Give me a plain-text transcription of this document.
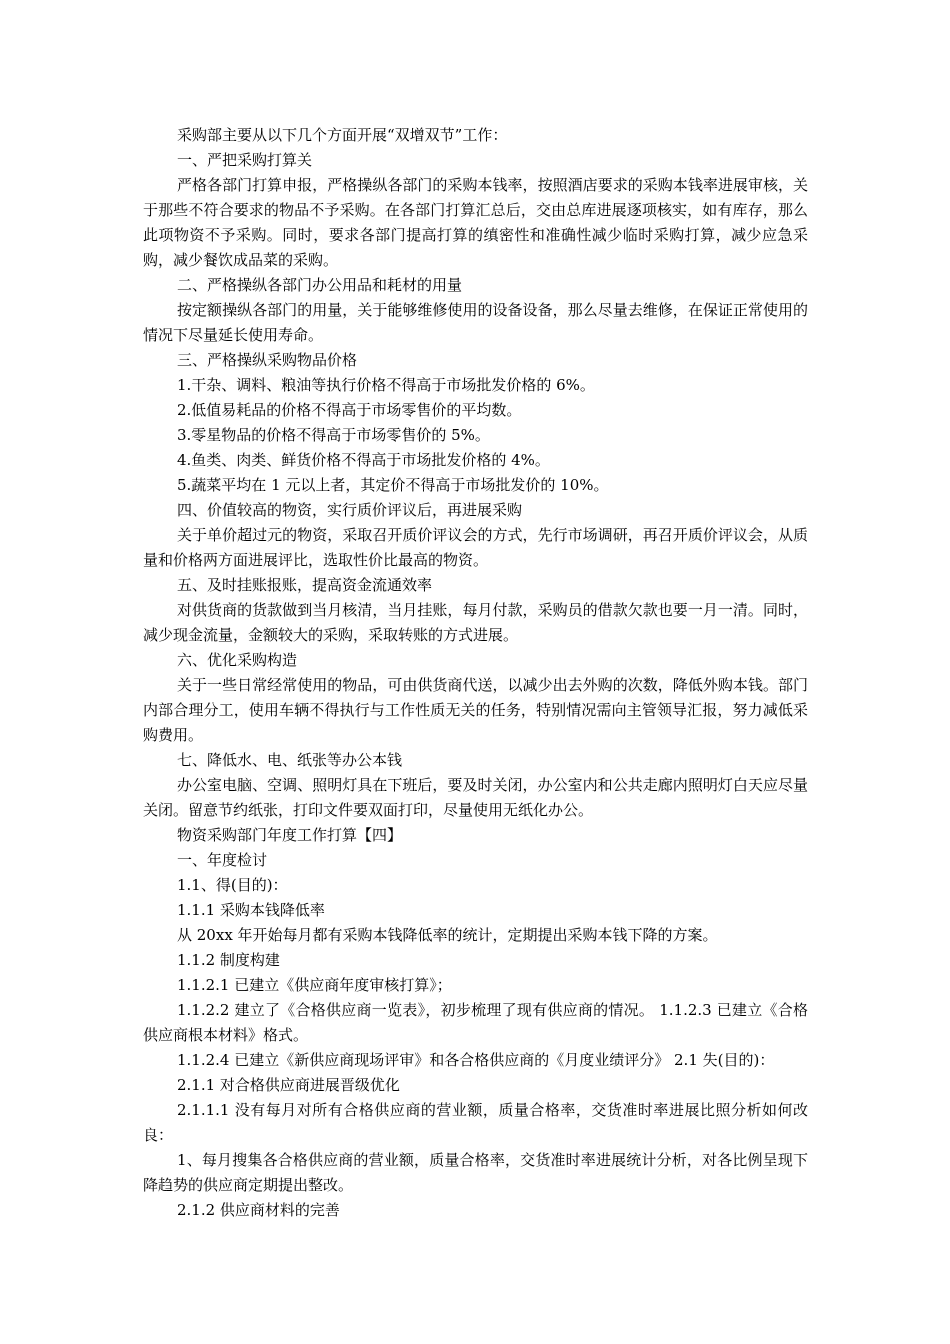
采购部主要从以下几个方面开展“双增双节”工作：

一、严把采购打算关

严格各部门打算申报，严格操纵各部门的采购本钱率，按照酒店要求的采购本钱率进展审核，关于那些不符合要求的物品不予采购。在各部门打算汇总后，交由总库进展逐项核实，如有库存，那么此项物资不予采购。同时，要求各部门提高打算的缜密性和准确性减少临时采购打算，减少应急采购，减少餐饮成品菜的采购。

二、严格操纵各部门办公用品和耗材的用量

按定额操纵各部门的用量，关于能够维修使用的设备设备，那么尽量去维修，在保证正常使用的情况下尽量延长使用寿命。

三、严格操纵采购物品价格

1.干杂、调料、粮油等执行价格不得高于市场批发价格的 6%。

2.低值易耗品的价格不得高于市场零售价的平均数。

3.零星物品的价格不得高于市场零售价的 5%。

4.鱼类、肉类、鲜货价格不得高于市场批发价格的 4%。

5.蔬菜平均在 1 元以上者，其定价不得高于市场批发价的 10%。

四、价值较高的物资，实行质价评议后，再进展采购

关于单价超过元的物资，采取召开质价评议会的方式，先行市场调研，再召开质价评议会，从质量和价格两方面进展评比，选取性价比最高的物资。

五、及时挂账报账，提高资金流通效率

对供货商的货款做到当月核清，当月挂账，每月付款，采购员的借款欠款也要一月一清。同时，减少现金流量，金额较大的采购，采取转账的方式进展。

六、优化采购构造

关于一些日常经常使用的物品，可由供货商代送，以减少出去外购的次数，降低外购本钱。部门内部合理分工，使用车辆不得执行与工作性质无关的任务，特别情况需向主管领导汇报，努力减低采购费用。

七、降低水、电、纸张等办公本钱

办公室电脑、空调、照明灯具在下班后，要及时关闭，办公室内和公共走廊内照明灯白天应尽量关闭。留意节约纸张，打印文件要双面打印，尽量使用无纸化办公。

物资采购部门年度工作打算【四】

一、年度检讨

1.1、得(目的)：

1.1.1 采购本钱降低率

从 20xx 年开始每月都有采购本钱降低率的统计，定期提出采购本钱下降的方案。

1.1.2 制度构建

1.1.2.1 已建立《供应商年度审核打算》；

1.1.2.2 建立了《合格供应商一览表》，初步梳理了现有供应商的情况。 1.1.2.3 已建立《合格供应商根本材料》格式。

1.1.2.4 已建立《新供应商现场评审》和各合格供应商的《月度业绩评分》 2.1 失(目的)：

2.1.1 对合格供应商进展晋级优化

2.1.1.1 没有每月对所有合格供应商的营业额，质量合格率，交货准时率进展比照分析如何改良：

1、每月搜集各合格供应商的营业额，质量合格率，交货准时率进展统计分析，对各比例呈现下降趋势的供应商定期提出整改。

2.1.2 供应商材料的完善
